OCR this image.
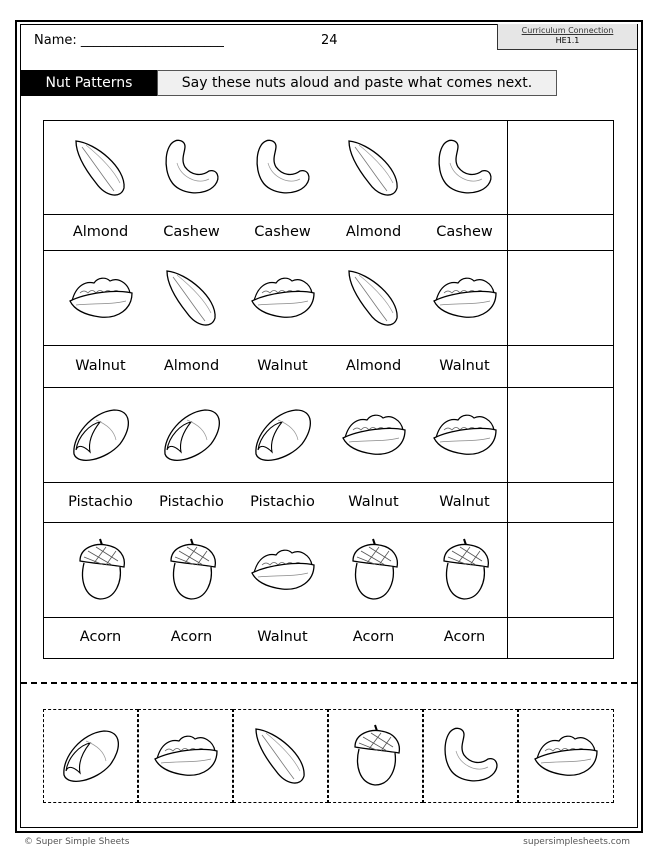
Name: ______________________	24
Curriculum Connection
HE1.1
Nut Patterns	Say these nuts aloud and paste what comes next.
Almond	Cashew	Cashew	Almond	Cashew
Walnut	Almond	Walnut	Almond	Walnut
Pistachio	Pistachio	Pistachio	Walnut	Walnut
Acorn	Acorn	Walnut	Acorn	Acorn
© Super Simple Sheets	supersimplesheets.com
